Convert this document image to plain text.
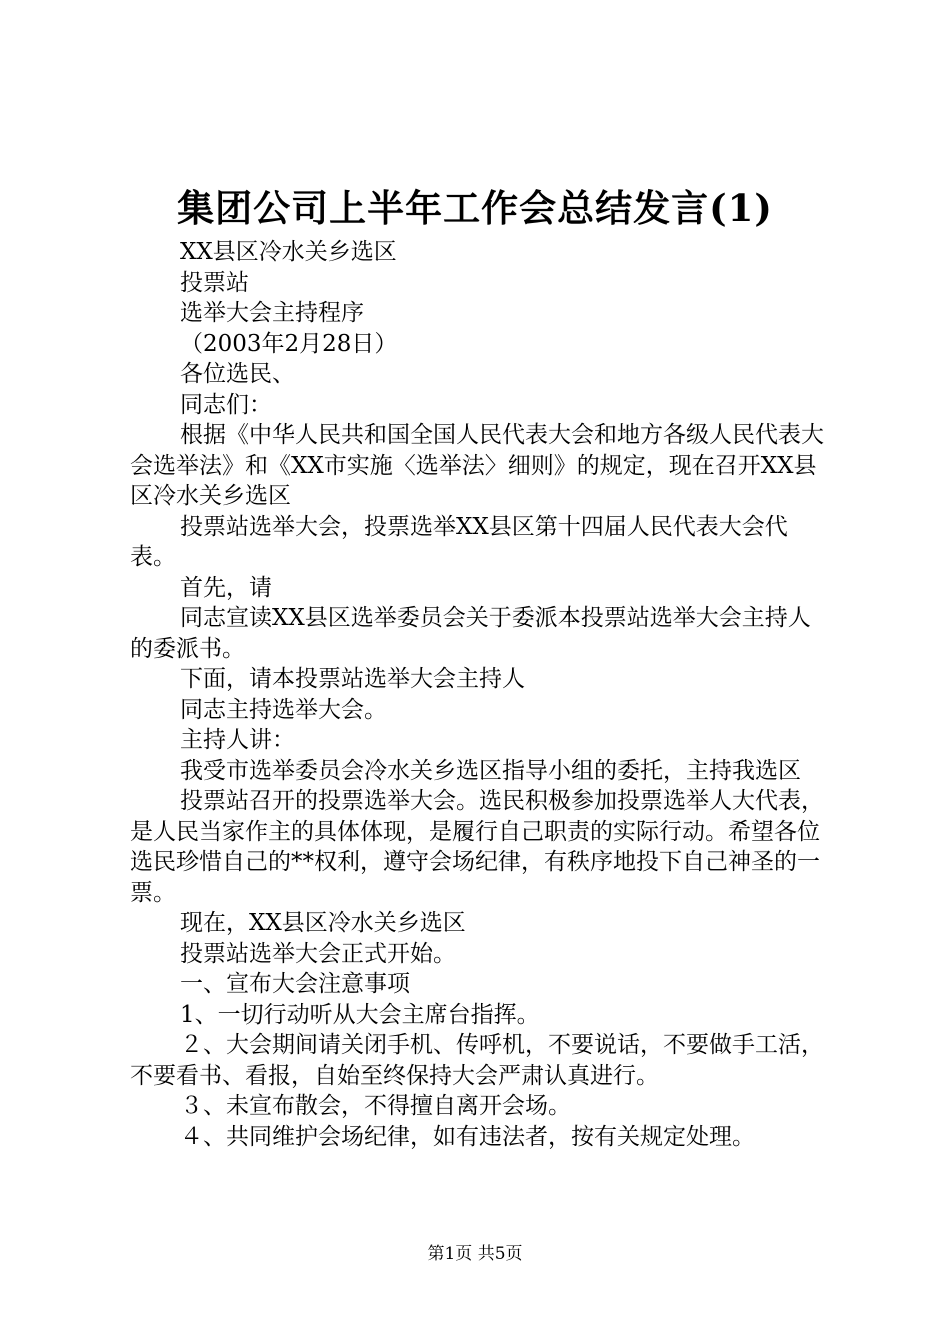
集团公司上半年工作会总结发言(1)

XX县区冷水关乡选区

投票站

选举大会主持程序

（2003年2月28日）

各位选民、

同志们：

根据《中华人民共和国全国人民代表大会和地方各级人民代表大会选举法》和《XX市实施〈选举法〉细则》的规定，现在召开XX县区冷水关乡选区

投票站选举大会，投票选举XX县区第十四届人民代表大会代表。

首先，请

同志宣读XX县区选举委员会关于委派本投票站选举大会主持人的委派书。

下面，请本投票站选举大会主持人

同志主持选举大会。

主持人讲：

我受市选举委员会冷水关乡选区指导小组的委托，主持我选区

投票站召开的投票选举大会。选民积极参加投票选举人大代表，是人民当家作主的具体体现，是履行自己职责的实际行动。希望各位选民珍惜自己的**权利，遵守会场纪律，有秩序地投下自己神圣的一票。

现在，XX县区冷水关乡选区

投票站选举大会正式开始。

一、宣布大会注意事项

1、一切行动听从大会主席台指挥。

２、大会期间请关闭手机、传呼机，不要说话，不要做手工活，不要看书、看报，自始至终保持大会严肃认真进行。

３、未宣布散会，不得擅自离开会场。

４、共同维护会场纪律，如有违法者，按有关规定处理。

第1页 共5页
